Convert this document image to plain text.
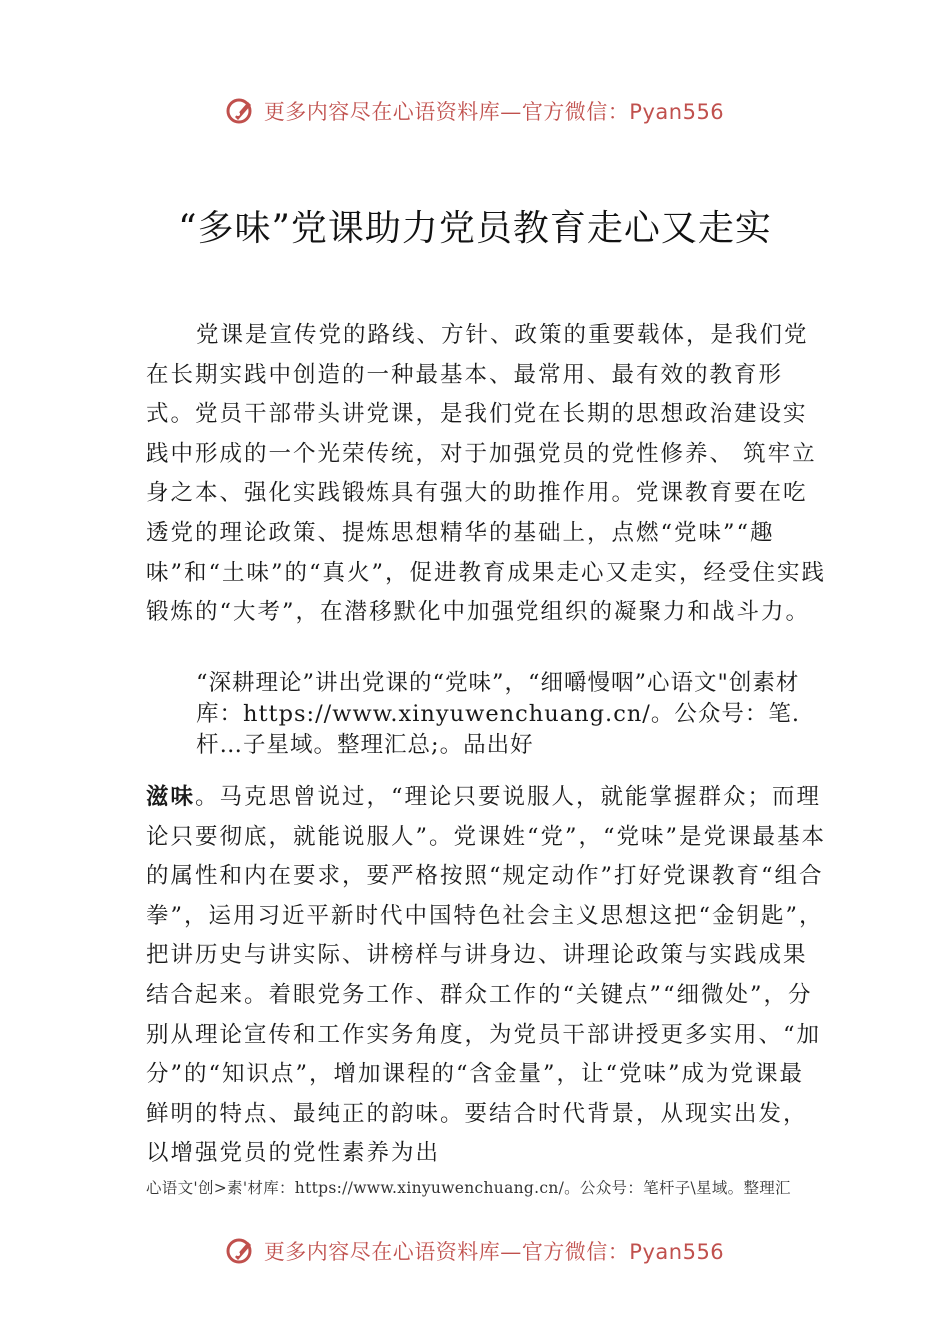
更多内容尽在心语资料库— 官方微信：Pyan556
“多味”党课助力党员教育走心又走实
党课是宣传党的路线、方针、政策的重要载体，是我们党在长期实践中创造的一种最基本、最常用、最有效的教育形式。党员干部带头讲党课，是我们党在长期的思想政治建设实践中形成的一个光荣传统，对于加强党员的党性修养、 筑牢立身之本、强化实践锻炼具有强大的助推作用。党课教育要在吃透党的理论政策、提炼思想精华的基础上，点燃“党味”“趣味”和“土味”的“真火”，促进教育成果走心又走实，经受住实践锻炼的“大考”，在潜移默化中加强党组织的凝聚力和战斗力。
“深耕理论”讲出党课的“党味”，“细嚼慢咽”心语文"创素材库：https://www.xinyuwenchuang.cn/。公众号：笔.杆…子星域。整理汇总;。品出好
滋味。马克思曾说过，“理论只要说服人，就能掌握群众；而理论只要彻底，就能说服人”。党课姓“党”，“党味”是党课最基本的属性和内在要求，要严格按照“规定动作”打好党课教育“组合拳”，运用习近平新时代中国特色社会主义思想这把“金钥匙”，把讲历史与讲实际、讲榜样与讲身边、讲理论政策与实践成果结合起来。着眼党务工作、群众工作的“关键点”“细微处”，分别从理论宣传和工作实务角度，为党员干部讲授更多实用、“加分”的“知识点”，增加课程的“含金量”，让“党味”成为党课最鲜明的特点、最纯正的韵味。要结合时代背景，从现实出发，以增强党员的党性素养为出
心语文'创>素'材库：https://www.xinyuwenchuang.cn/。公众号：笔杆子\星域。整理汇
更多内容尽在心语资料库— 官方微信：Pyan556
